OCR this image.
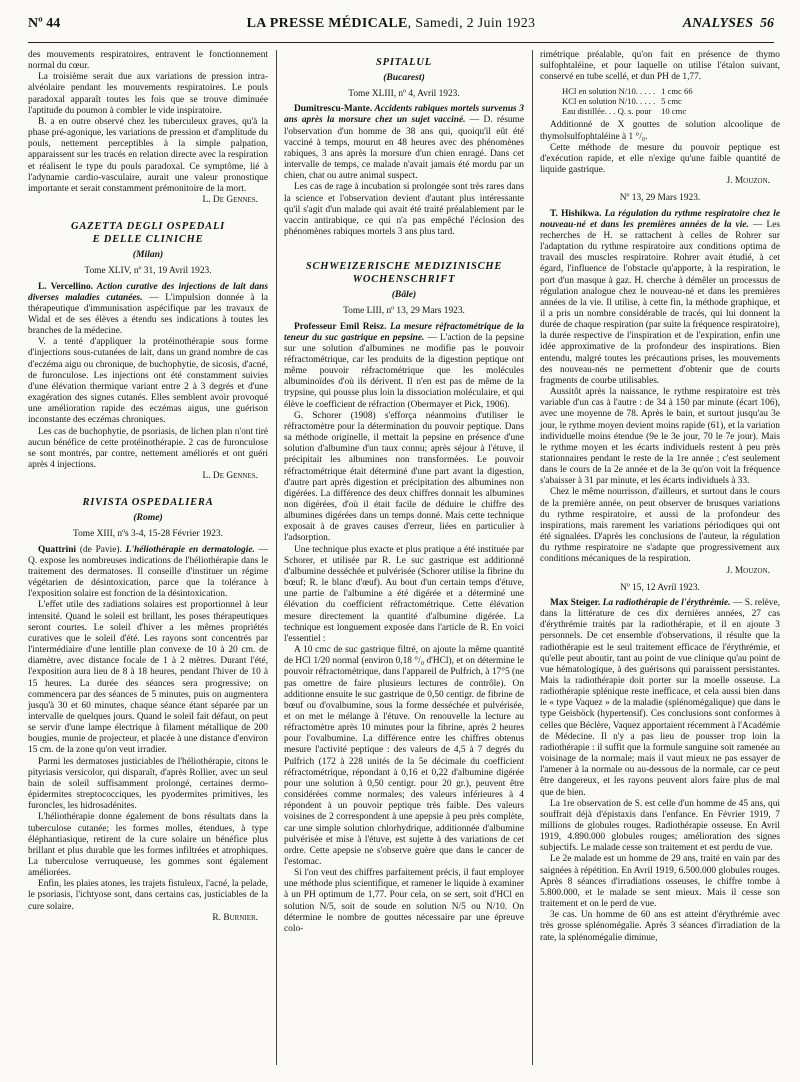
Nº 44	LA PRESSE MÉDICALE, Samedi, 2 Juin 1923	ANALYSES 56

des mouvements respiratoires, entravent le fonctionnement normal du cœur.

La troisième serait due aux variations de pression intra-alvéolaire pendant les mouvements respiratoires. Le pouls paradoxal apparaît toutes les fois que se trouve diminuée l'aptitude du poumon à combler le vide inspiratoire.

B. a en outre observé chez les tuberculeux graves, qu'à la phase pré-agonique, les variations de pression et d'amplitude du pouls, nettement perceptibles à la simple palpation, apparaissent sur les tracés en relation directe avec la respiration et réalisent le type du pouls paradoxal. Ce symptôme, lié à l'adynamie cardio-vasculaire, aurait une valeur pronostique importante et serait constamment prémonitoire de la mort.

L. De Gennes.

GAZETTA DEGLI OSPEDALI
E DELLE CLINICHE
(Milan)
Tome XLIV, nº 31, 19 Avril 1923.

L. Vercellino. Action curative des injections de lait dans diverses maladies cutanées. — L'impulsion donnée à la thérapeutique d'immunisation aspécifique par les travaux de Widal et de ses élèves a étendu ses indications à toutes les branches de la médecine.

V. a tenté d'appliquer la protéinothérapie sous forme d'injections sous-cutanées de lait, dans un grand nombre de cas d'eczéma aigu ou chronique, de buchophytie, de sicosis, d'acné, de furonculose. Les injections ont été constamment suivies d'une élévation thermique variant entre 2 à 3 degrés et d'une exagération des signes cutanés. Elles semblent avoir provoqué une amélioration rapide des eczémas aigus, une guérison inconstante des eczémas chroniques.

Les cas de buchophytie, de psoriasis, de lichen plan n'ont tiré aucun bénéfice de cette protéinothérapie. 2 cas de furonculose se sont montrés, par contre, nettement améliorés et ont guéri après 4 injections.

L. De Gennes.

RIVISTA OSPEDALIERA
(Rome)
Tome XIII, nºs 3-4, 15-28 Février 1923.

Quattrini (de Pavie). L'héliothérapie en dermatologie. — Q. expose les nombreuses indications de l'héliothérapie dans le traitement des dermatoses. Il conseille d'instituer un régime végétarien de désintoxication, parce que la tolérance à l'exposition solaire est fonction de la désintoxication.

L'effet utile des radiations solaires est proportionnel à leur intensité. Quand le soleil est brillant, les poses thérapeutiques seront courtes. Le soleil d'hiver a les mêmes propriétés curatives que le soleil d'été. Les rayons sont concentrés par l'intermédiaire d'une lentille plan convexe de 10 à 20 cm. de diamètre, avec distance focale de 1 à 2 mètres. Durant l'été, l'exposition aura lieu de 8 à 18 heures, pendant l'hiver de 10 à 15 heures. La durée des séances sera progressive; on commencera par des séances de 5 minutes, puis on augmentera jusqu'à 30 et 60 minutes, chaque séance étant séparée par un intervalle de quelques jours. Quand le soleil fait défaut, on peut se servir d'une lampe électrique à filament métallique de 200 bougies, munie de projecteur, et placée à une distance d'environ 15 cm. de la zone qu'on veut irradier.

Parmi les dermatoses justiciables de l'héliothérapie, citons le pityriasis versicolor, qui disparaît, d'après Rollier, avec un seul bain de soleil suffisamment prolongé, certaines dermo-épidermites streptococciques, les pyodermites primitives, les furoncles, les hidrosadénites.

L'héliothérapie donne également de bons résultats dans la tuberculose cutanée; les formes molles, étendues, à type éléphantiasique, retirent de la cure solaire un bénéfice plus brillant et plus durable que les formes infiltrées et atrophiques. La tuberculose verruqueuse, les gommes sont également améliorées.

Enfin, les plaies atones, les trajets fistuleux, l'acné, la pelade, le psoriasis, l'ichtyose sont, dans certains cas, justiciables de la cure solaire.

R. Burnier.

SPITALUL
(Bucarest)
Tome XLIII, nº 4, Avril 1923.

Dumitrescu-Mante. Accidents rabiques mortels survenus 3 ans après la morsure chez un sujet vacciné. — D. résume l'observation d'un homme de 38 ans qui, quoiqu'il eût été vacciné à temps, mourut en 48 heures avec des phénomènes rabiques, 3 ans après la morsure d'un chien enragé. Dans cet intervalle de temps, ce malade n'avait jamais été mordu par un chien, chat ou autre animal suspect.

Les cas de rage à incubation si prolongée sont très rares dans la science et l'observation devient d'autant plus intéressante qu'il s'agit d'un malade qui avait été traité préalablement par le vaccin antirabique, ce qui n'a pas empêché l'éclosion des phénomènes rabiques mortels 3 ans plus tard.

SCHWEIZERISCHE MEDIZINISCHE
WOCHENSCHRIFT
(Bâle)
Tome LIII, nº 13, 29 Mars 1923.

Professeur Emil Reisz. La mesure réfractométrique de la teneur du suc gastrique en pepsine. — L'action de la pepsine sur une solution d'albumines ne modifie pas le pouvoir réfractométrique, car les produits de la digestion peptique ont même pouvoir réfractométrique que les molécules albuminoïdes d'où ils dérivent. Il n'en est pas de même de la trypsine, qui pousse plus loin la dissociation moléculaire, et qui élève le coefficient de réfraction (Obermayer et Pick, 1906).

G. Schorer (1908) s'efforça néanmoins d'utiliser le réfractomètre pour la détermination du pouvoir peptique. Dans sa méthode originelle, il mettait la pepsine en présence d'une solution d'albumine d'un taux connu; après séjour à l'étuve, il précipitait les albumines non transformées. Le pouvoir réfractométrique était déterminé d'une part avant la digestion, d'autre part après digestion et précipitation des albumines non digérées. La différence des deux chiffres donnait les albumines non digérées, d'où il était facile de déduire le chiffre des albumines digérées dans un temps donné. Mais cette technique exposait à de graves causes d'erreur, liées en particulier à l'adsorption.

Une technique plus exacte et plus pratique a été instituée par Schorer, et utilisée par R. Le suc gastrique est additionné d'albumine desséchée et pulvérisée (Schorer utilise la fibrine du bœuf; R. le blanc d'œuf). Au bout d'un certain temps d'étuve, une partie de l'albumine a été digérée et a déterminé une élévation du coefficient réfractométrique. Cette élévation mesure directement la quantité d'albumine digérée. La technique est longuement exposée dans l'article de R. En voici l'essentiel :

A 10 cmc de suc gastrique filtré, on ajoute la même quantité de HCl 1/20 normal (environ 0,18 °/₀ d'HCl), et on détermine le pouvoir réfractométrique, dans l'appareil de Pulfrich, à 17°5 (ne pas omettre de faire plusieurs lectures de contrôle). On additionne ensuite le suc gastrique de 0,50 centigr. de fibrine de bœuf ou d'ovalbumine, sous la forme desséchée et pulvérisée, et on met le mélange à l'étuve. On renouvelle la lecture au réfractomètre après 10 minutes pour la fibrine, après 2 heures pour l'ovalbumine. La différence entre les chiffres obtenus mesure l'activité peptique : des valeurs de 4,5 à 7 degrés du Pulfrich (172 à 228 unités de la 5e décimale du coefficient réfractométrique, répondant à 0,16 et 0,22 d'albumine digérée pour une solution à 0,50 centigr. pour 20 gr.), peuvent être considérées comme normales; des valeurs inférieures à 4 répondent à un pouvoir peptique très faible. Des valeurs voisines de 2 correspondent à une apepsie à peu près complète, car une simple solution chlorhydrique, additionnée d'albumine pulvérisée et mise à l'étuve, est sujette à des variations de cet ordre. Cette apepsie ne s'observe guère que dans le cancer de l'estomac.

Si l'on veut des chiffres parfaitement précis, il faut employer une méthode plus scientifique, et ramener le liquide à examiner à un PH optimum de 1,77. Pour cela, on se sert, soit d'HCl en solution N/5, soit de soude en solution N/5 ou N/10. On détermine le nombre de gouttes nécessaire par une épreuve colo-

rimétrique préalable, qu'on fait en présence de thymo sulfophtaléine, et pour laquelle on utilise l'étalon suivant, conservé en tube scellé, et dun PH de 1,77.

HCl en solution N/10. . . . .	1 cmc 66
KCl en solution N/10. . . . .	5 cmc
Eau distillée. . . Q. s. pour	10 cmc

Additionné de X gouttes de solution alcoolique de thymolsulfophtaléine à 1 °/₀.

Cette méthode de mesure du pouvoir peptique est d'exécution rapide, et elle n'exige qu'une faible quantité de liquide gastrique.

J. Mouzon.

Nº 13, 29 Mars 1923.

T. Hishikwa. La régulation du rythme respiratoire chez le nouveau-né et dans les premières années de la vie. — Les recherches de H. se rattachent à celles de Rohrer sur l'adaptation du rythme respiratoire aux conditions optima de travail des muscles respiratoire. Rohrer avait étudié, à cet égard, l'influence de l'obstacle qu'apporte, à la respiration, le port d'un masque à gaz. H. cherche à démêler un processus de régulation analogue chez le nouveau-né et dans les premières années de la vie. Il utilise, à cette fin, la méthode graphique, et il a pris un nombre considérable de tracés, qui lui donnent la durée de chaque respiration (par suite la fréquence respiratoire), la durée respective de l'inspiration et de l'expiration, enfin une idée approximative de la profondeur des inspirations. Bien entendu, malgré toutes les précautions prises, les mouvements des nouveau-nés ne permettent d'obtenir que de courts fragments de courbe utilisables.

Aussitôt après la naissance, le rythme respiratoire est très variable d'un cas à l'autre : de 34 à 150 par minute (écart 106), avec une moyenne de 78. Après le bain, et surtout jusqu'au 3e jour, le rythme moyen devient moins rapide (61), et la variation individuelle moins étendue (9e le 3e jour, 70 le 7e jour). Mais le rythme moyen et les écarts individuels restent à peu près stationnaires pendant le reste de la 1re année ; c'est seulement dans le cours de la 2e année et de la 3e qu'on voit la fréquence s'abaisser à 31 par minute, et les écarts individuels à 33.

Chez le même nourrisson, d'ailleurs, et surtout dans le cours de la première année, on peut observer de brusques variations du rythme respiratoire, et aussi de la profondeur des inspirations, mais rarement les variations périodiques qui ont été signalées. D'après les conclusions de l'auteur, la régulation du rythme respiratoire ne s'adapte que progressivement aux conditions mécaniques de la respiration.

J. Mouzon.

Nº 15, 12 Avril 1923.

Max Steiger. La radiothérapie de l'érythrémie. — S. relève, dans la littérature de ces dix dernières années, 27 cas d'érythrémie traités par la radiothérapie, et il en ajoute 3 personnels. De cet ensemble d'observations, il résulte que la radiothérapie est le seul traitement efficace de l'érythrémie, et qu'elle peut aboutir, tant au point de vue clinique qu'au point de vue hématologique, à des guérisons qui paraissent persistantes. Mais la radiothérapie doit porter sur la moelle osseuse. La radiothérapie splénique reste inefficace, et cela aussi bien dans le « type Vaquez » de la maladie (splénomégalique) que dans le type Geisböck (hypertensif). Ces conclusions sont conformes à celles que Béclère, Vaquez apportaient récemment à l'Académie de Médecine. Il n'y a pas lieu de pousser trop loin la radiothérapie : il suffit que la formule sanguine soit ramenée au voisinage de la normale; mais il vaut mieux ne pas essayer de l'amener à la normale ou au-dessous de la normale, car ce peut être dangereux, et les rayons peuvent alors faire plus de mal que de bien.

La 1re observation de S. est celle d'un homme de 45 ans, qui souffrait déjà d'épistaxis dans l'enfance. En Février 1919, 7 millions de globules rouges. Radiothérapie osseuse. En Avril 1919, 4.890.000 globules rouges; amélioration des signes subjectifs. Le malade cesse son traitement et est perdu de vue.

Le 2e malade est un homme de 29 ans, traité en vain par des saignées à répétition. En Avril 1919, 6.500.000 globules rouges. Après 8 séances d'irradiations osseuses, le chiffre tombe à 5.800.000, et le malade se sent mieux. Mais il cesse son traitement et on le perd de vue.

3e cas. Un homme de 60 ans est atteint d'érythrémie avec très grosse splénomégalie. Après 3 séances d'irradiation de la rate, la splénomégalie diminue,
